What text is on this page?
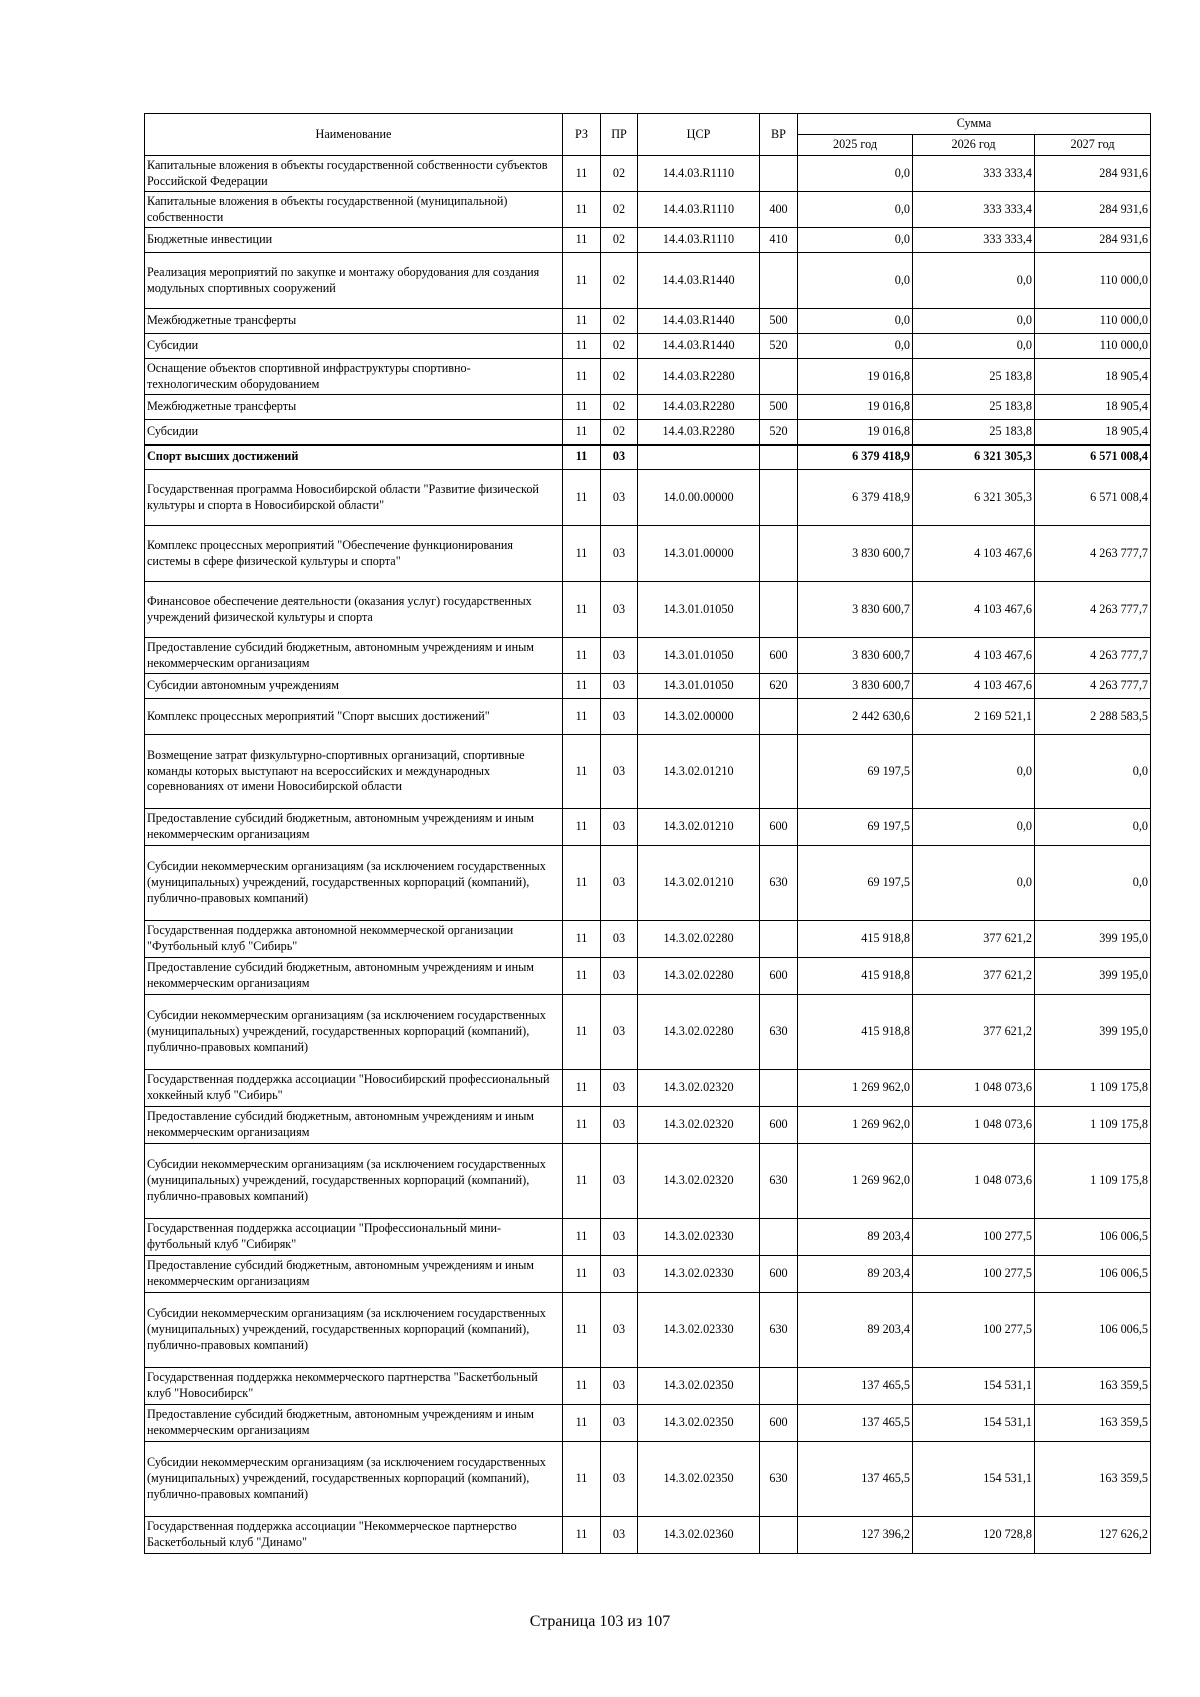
Наименование	РЗ	ПР	ЦСР	ВР	Сумма		
					2025 год	2026 год	2027 год
Капитальные вложения в объекты государственной собственности субъектов Российской Федерации	11	02	14.4.03.R1110		0,0	333 333,4	284 931,6
Капитальные вложения в объекты государственной (муниципальной) собственности	11	02	14.4.03.R1110	400	0,0	333 333,4	284 931,6
Бюджетные инвестиции	11	02	14.4.03.R1110	410	0,0	333 333,4	284 931,6
Реализация мероприятий по закупке и монтажу оборудования для создания модульных спортивных сооружений	11	02	14.4.03.R1440		0,0	0,0	110 000,0
Межбюджетные трансферты	11	02	14.4.03.R1440	500	0,0	0,0	110 000,0
Субсидии	11	02	14.4.03.R1440	520	0,0	0,0	110 000,0
Оснащение объектов спортивной инфраструктуры спортивно-технологическим оборудованием	11	02	14.4.03.R2280		19 016,8	25 183,8	18 905,4
Межбюджетные трансферты	11	02	14.4.03.R2280	500	19 016,8	25 183,8	18 905,4
Субсидии	11	02	14.4.03.R2280	520	19 016,8	25 183,8	18 905,4
Спорт высших достижений	11	03			6 379 418,9	6 321 305,3	6 571 008,4
Государственная программа Новосибирской области "Развитие физической культуры и спорта в Новосибирской области"	11	03	14.0.00.00000		6 379 418,9	6 321 305,3	6 571 008,4
Комплекс процессных мероприятий "Обеспечение функционирования системы в сфере физической культуры и спорта"	11	03	14.3.01.00000		3 830 600,7	4 103 467,6	4 263 777,7
Финансовое обеспечение деятельности (оказания услуг) государственных учреждений физической культуры и спорта	11	03	14.3.01.01050		3 830 600,7	4 103 467,6	4 263 777,7
Предоставление субсидий бюджетным, автономным учреждениям и иным некоммерческим организациям	11	03	14.3.01.01050	600	3 830 600,7	4 103 467,6	4 263 777,7
Субсидии автономным учреждениям	11	03	14.3.01.01050	620	3 830 600,7	4 103 467,6	4 263 777,7
Комплекс процессных мероприятий "Спорт высших достижений"	11	03	14.3.02.00000		2 442 630,6	2 169 521,1	2 288 583,5
Возмещение затрат физкультурно-спортивных организаций, спортивные команды которых выступают на всероссийских и международных соревнованиях от имени Новосибирской области	11	03	14.3.02.01210		69 197,5	0,0	0,0
Предоставление субсидий бюджетным, автономным учреждениям и иным некоммерческим организациям	11	03	14.3.02.01210	600	69 197,5	0,0	0,0
Субсидии некоммерческим организациям (за исключением государственных (муниципальных) учреждений, государственных корпораций (компаний), публично-правовых компаний)	11	03	14.3.02.01210	630	69 197,5	0,0	0,0
Государственная поддержка автономной некоммерческой организации "Футбольный клуб "Сибирь"	11	03	14.3.02.02280		415 918,8	377 621,2	399 195,0
Предоставление субсидий бюджетным, автономным учреждениям и иным некоммерческим организациям	11	03	14.3.02.02280	600	415 918,8	377 621,2	399 195,0
Субсидии некоммерческим организациям (за исключением государственных (муниципальных) учреждений, государственных корпораций (компаний), публично-правовых компаний)	11	03	14.3.02.02280	630	415 918,8	377 621,2	399 195,0
Государственная поддержка ассоциации "Новосибирский профессиональный хоккейный клуб "Сибирь"	11	03	14.3.02.02320		1 269 962,0	1 048 073,6	1 109 175,8
Предоставление субсидий бюджетным, автономным учреждениям и иным некоммерческим организациям	11	03	14.3.02.02320	600	1 269 962,0	1 048 073,6	1 109 175,8
Субсидии некоммерческим организациям (за исключением государственных (муниципальных) учреждений, государственных корпораций (компаний), публично-правовых компаний)	11	03	14.3.02.02320	630	1 269 962,0	1 048 073,6	1 109 175,8
Государственная поддержка ассоциации "Профессиональный мини-футбольный клуб "Сибиряк"	11	03	14.3.02.02330		89 203,4	100 277,5	106 006,5
Предоставление субсидий бюджетным, автономным учреждениям и иным некоммерческим организациям	11	03	14.3.02.02330	600	89 203,4	100 277,5	106 006,5
Субсидии некоммерческим организациям (за исключением государственных (муниципальных) учреждений, государственных корпораций (компаний), публично-правовых компаний)	11	03	14.3.02.02330	630	89 203,4	100 277,5	106 006,5
Государственная поддержка некоммерческого партнерства "Баскетбольный клуб "Новосибирск"	11	03	14.3.02.02350		137 465,5	154 531,1	163 359,5
Предоставление субсидий бюджетным, автономным учреждениям и иным некоммерческим организациям	11	03	14.3.02.02350	600	137 465,5	154 531,1	163 359,5
Субсидии некоммерческим организациям (за исключением государственных (муниципальных) учреждений, государственных корпораций (компаний), публично-правовых компаний)	11	03	14.3.02.02350	630	137 465,5	154 531,1	163 359,5
Государственная поддержка ассоциации "Некоммерческое партнерство Баскетбольный клуб "Динамо"	11	03	14.3.02.02360		127 396,2	120 728,8	127 626,2
Страница 103 из 107
